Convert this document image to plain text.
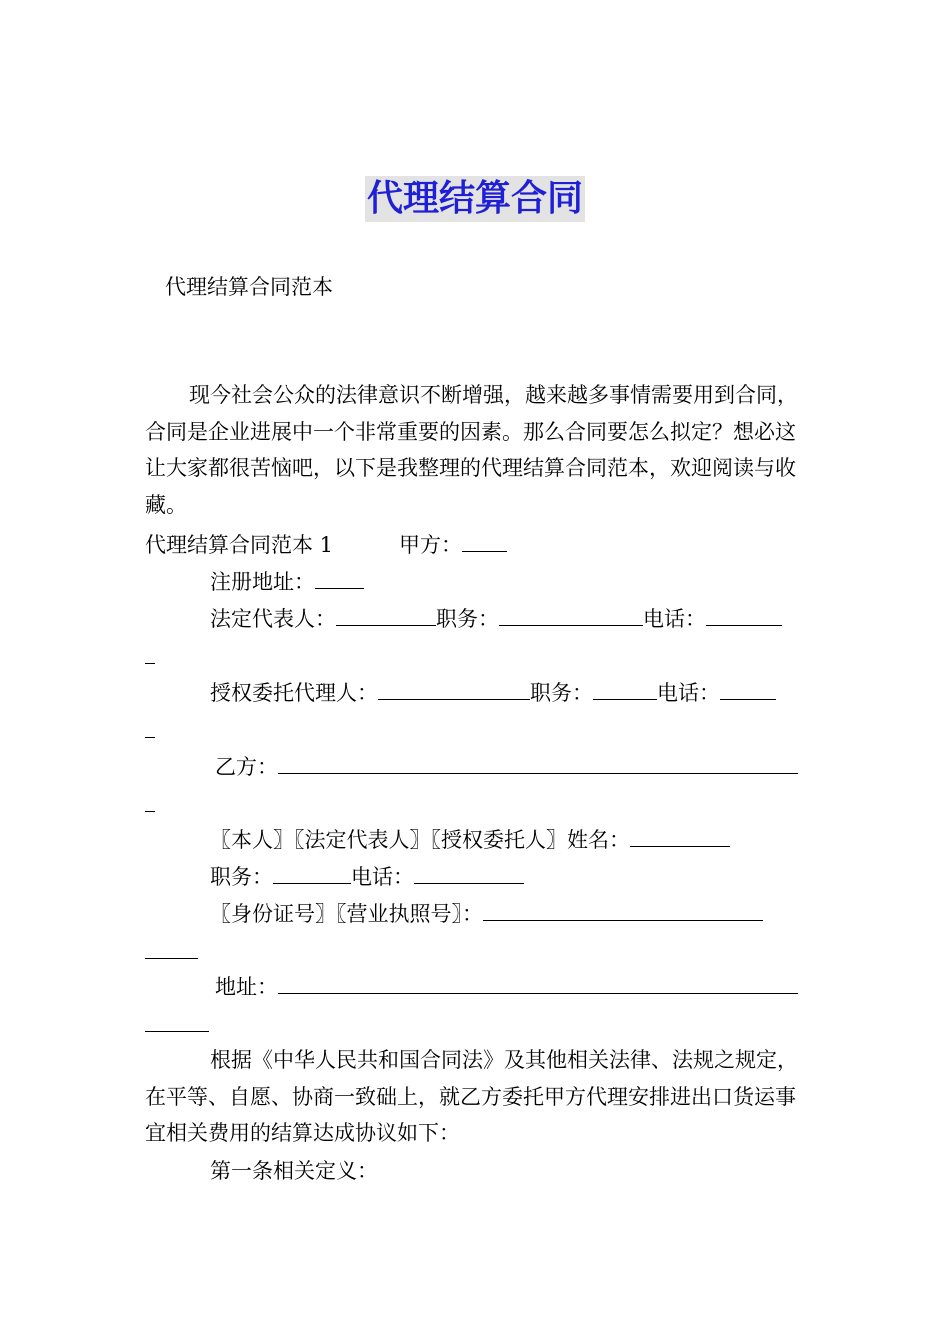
代理结算合同
代理结算合同范本
现今社会公众的法律意识不断增强，越来越多事情需要用到合同，合同是企业进展中一个非常重要的因素。那么合同要怎么拟定？想必这让大家都很苦恼吧，以下是我整理的代理结算合同范本，欢迎阅读与收藏。
代理结算合同范本 1	甲方：
注册地址：
法定代表人：	职务：	电话：
授权委托代理人：	职务：	电话：
乙方：
〖本人〗〖法定代表人〗〖授权委托人〗姓名：
职务：	电话：
〖身份证号〗〖营业执照号〗：
地址：
根据《中华人民共和国合同法》及其他相关法律、法规之规定，在平等、自愿、协商一致础上，就乙方委托甲方代理安排进出口货运事宜相关费用的结算达成协议如下：
第一条相关定义：
